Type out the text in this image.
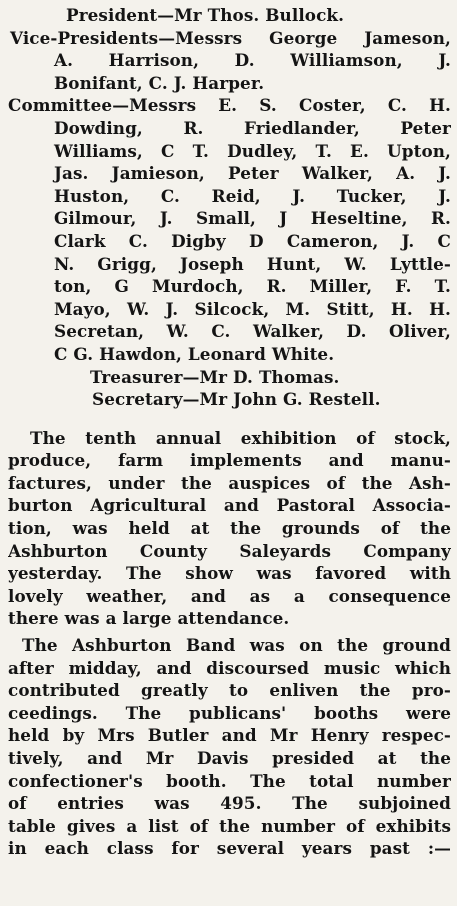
President—Mr Thos. Bullock.
Vice-Presidents—Messrs George Jameson,
A. Harrison, D. Williamson, J.
Bonifant, C. J. Harper.
Committee—Messrs E. S. Coster, C. H.
Dowding, R. Friedlander, Peter
Williams, C T. Dudley, T. E. Upton,
Jas. Jamieson, Peter Walker, A. J.
Huston, C. Reid, J. Tucker, J.
Gilmour, J. Small, J Heseltine, R.
Clark C. Digby D Cameron, J. C
N. Grigg, Joseph Hunt, W. Lyttle-
ton, G Murdoch, R. Miller, F. T.
Mayo, W. J. Silcock, M. Stitt, H. H.
Secretan, W. C. Walker, D. Oliver,
C G. Hawdon, Leonard White.
Treasurer—Mr D. Thomas.
Secretary—Mr John G. Restell.
The tenth annual exhibition of stock,
produce, farm implements and manu-
factures, under the auspices of the Ash-
burton Agricultural and Pastoral Associa-
tion, was held at the grounds of the
Ashburton County Saleyards Company
yesterday. The show was favored with
lovely weather, and as a consequence
there was a large attendance.
The Ashburton Band was on the ground
after midday, and discoursed music which
contributed greatly to enliven the pro-
ceedings. The publicans' booths were
held by Mrs Butler and Mr Henry respec-
tively, and Mr Davis presided at the
confectioner's booth. The total number
of entries was 495. The subjoined
table gives a list of the number of exhibits
in each class for several years past :—
